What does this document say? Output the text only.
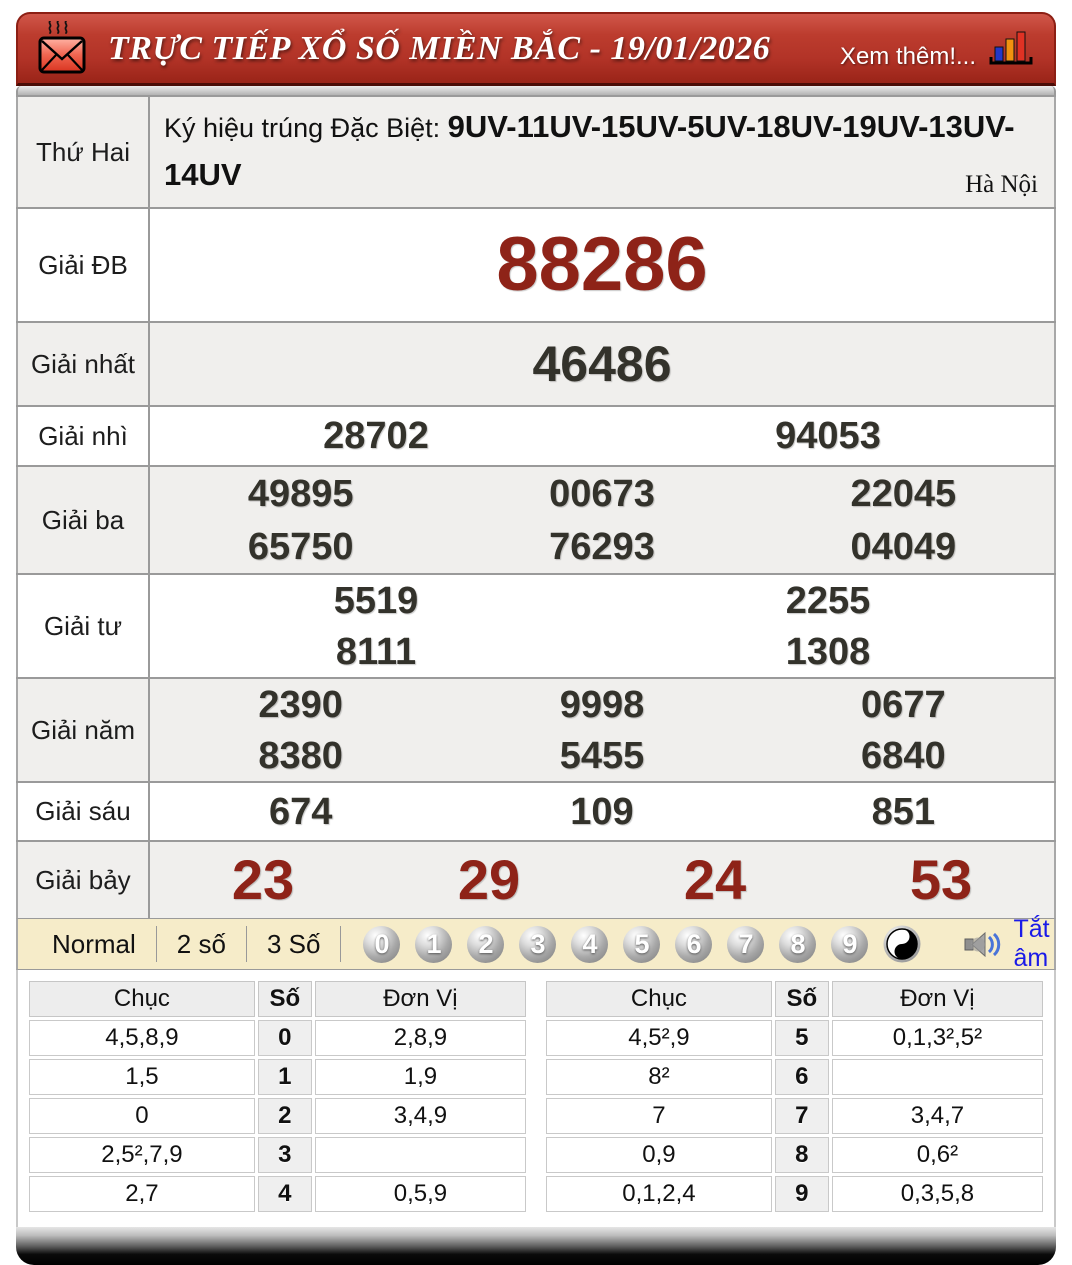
TRỰC TIẾP XỔ SỐ MIỀN BẮC - 19/01/2026	Xem thêm!...
Thứ Hai	Ký hiệu trúng Đặc Biệt: 9UV-11UV-15UV-5UV-18UV-19UV-13UV-14UV Hà Nội

Giải ĐB	88286

Giải nhất	46486

Giải nhì	28702 94053

Giải ba	
49895	00673	22045
65750	76293	04049

Giải tư	5519 2255
8111 1308

Giải năm	
2390	9998	0677
8380	5455	6840

Giải sáu	674 109 851

Giải bảy	23 29 24 53
Normal	2 số	3 Số	0	1	2	3	4	5	6	7	8	9	Tắt âm
Chục	Số	Đơn Vị
4,5,8,9	0	2,8,9
1,5	1	1,9
0	2	3,4,9
2,5²,7,9	3	
2,7	4	0,5,9
Chục	Số	Đơn Vị
4,5²,9	5	0,1,3²,5²
8²	6	
7	7	3,4,7
0,9	8	0,6²
0,1,2,4	9	0,3,5,8
